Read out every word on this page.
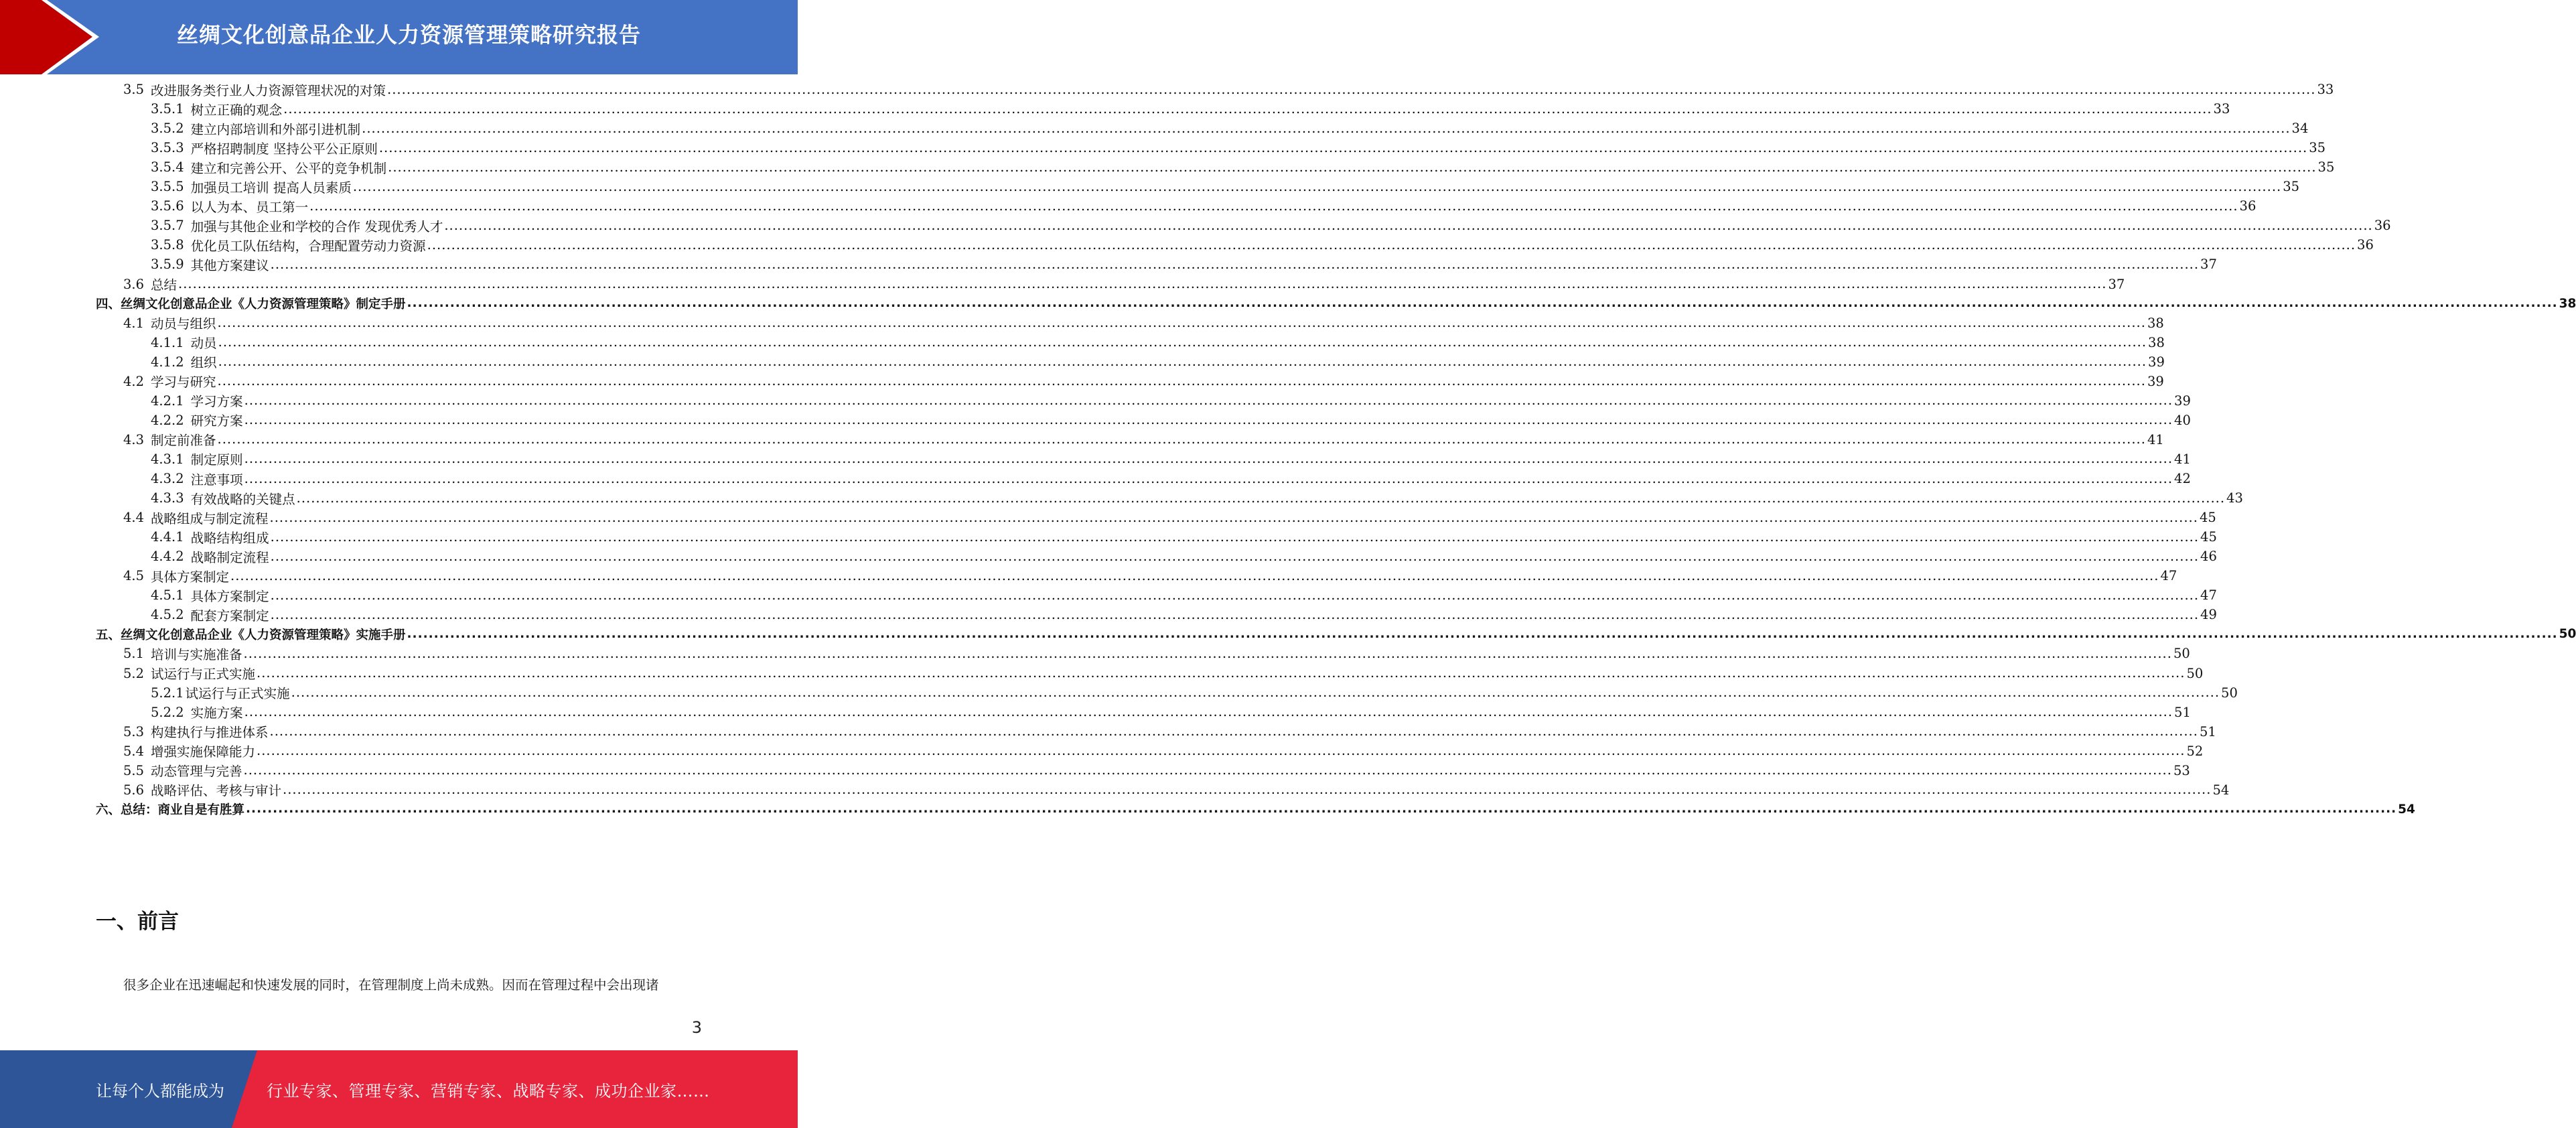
丝绸文化创意品企业人力资源管理策略研究报告
3.5 改进服务类行业人力资源管理状况的对策 ................................................................................................................................................................................................................................................................................................................................................................................................................ 33
3.5.1 树立正确的观念 ................................................................................................................................................................................................................................................................................................................................................................................................................ 33
3.5.2 建立内部培训和外部引进机制 ................................................................................................................................................................................................................................................................................................................................................................................................................ 34
3.5.3 严格招聘制度 坚持公平公正原则 ................................................................................................................................................................................................................................................................................................................................................................................................................ 35
3.5.4 建立和完善公开、公平的竞争机制 ................................................................................................................................................................................................................................................................................................................................................................................................................ 35
3.5.5 加强员工培训 提高人员素质 ................................................................................................................................................................................................................................................................................................................................................................................................................ 35
3.5.6 以人为本、员工第一 ................................................................................................................................................................................................................................................................................................................................................................................................................ 36
3.5.7 加强与其他企业和学校的合作 发现优秀人才 ................................................................................................................................................................................................................................................................................................................................................................................................................ 36
3.5.8 优化员工队伍结构，合理配置劳动力资源 ................................................................................................................................................................................................................................................................................................................................................................................................................ 36
3.5.9 其他方案建议 ................................................................................................................................................................................................................................................................................................................................................................................................................ 37
3.6 总结 ................................................................................................................................................................................................................................................................................................................................................................................................................ 37
四、丝绸文化创意品企业《人力资源管理策略》制定手册 ................................................................................................................................................................................................................................................................................................................................................................................................................ 38
4.1 动员与组织 ................................................................................................................................................................................................................................................................................................................................................................................................................ 38
4.1.1 动员 ................................................................................................................................................................................................................................................................................................................................................................................................................ 38
4.1.2 组织 ................................................................................................................................................................................................................................................................................................................................................................................................................ 39
4.2 学习与研究 ................................................................................................................................................................................................................................................................................................................................................................................................................ 39
4.2.1 学习方案 ................................................................................................................................................................................................................................................................................................................................................................................................................ 39
4.2.2 研究方案 ................................................................................................................................................................................................................................................................................................................................................................................................................ 40
4.3 制定前准备 ................................................................................................................................................................................................................................................................................................................................................................................................................ 41
4.3.1 制定原则 ................................................................................................................................................................................................................................................................................................................................................................................................................ 41
4.3.2 注意事项 ................................................................................................................................................................................................................................................................................................................................................................................................................ 42
4.3.3 有效战略的关键点 ................................................................................................................................................................................................................................................................................................................................................................................................................ 43
4.4 战略组成与制定流程 ................................................................................................................................................................................................................................................................................................................................................................................................................ 45
4.4.1 战略结构组成 ................................................................................................................................................................................................................................................................................................................................................................................................................ 45
4.4.2 战略制定流程 ................................................................................................................................................................................................................................................................................................................................................................................................................ 46
4.5 具体方案制定 ................................................................................................................................................................................................................................................................................................................................................................................................................ 47
4.5.1 具体方案制定 ................................................................................................................................................................................................................................................................................................................................................................................................................ 47
4.5.2 配套方案制定 ................................................................................................................................................................................................................................................................................................................................................................................................................ 49
五、丝绸文化创意品企业《人力资源管理策略》实施手册 ................................................................................................................................................................................................................................................................................................................................................................................................................ 50
5.1 培训与实施准备 ................................................................................................................................................................................................................................................................................................................................................................................................................ 50
5.2 试运行与正式实施 ................................................................................................................................................................................................................................................................................................................................................................................................................ 50
5.2.1 试运行与正式实施 ................................................................................................................................................................................................................................................................................................................................................................................................................ 50
5.2.2 实施方案 ................................................................................................................................................................................................................................................................................................................................................................................................................ 51
5.3 构建执行与推进体系 ................................................................................................................................................................................................................................................................................................................................................................................................................ 51
5.4 增强实施保障能力 ................................................................................................................................................................................................................................................................................................................................................................................................................ 52
5.5 动态管理与完善 ................................................................................................................................................................................................................................................................................................................................................................................................................ 53
5.6 战略评估、考核与审计 ................................................................................................................................................................................................................................................................................................................................................................................................................ 54
六、总结：商业自是有胜算 ................................................................................................................................................................................................................................................................................................................................................................................................................ 54
一、前言
很多企业在迅速崛起和快速发展的同时，在管理制度上尚未成熟。因而在管理过程中会出现诸
3
让每个人都能成为	行业专家、管理专家、营销专家、战略专家、成功企业家……
